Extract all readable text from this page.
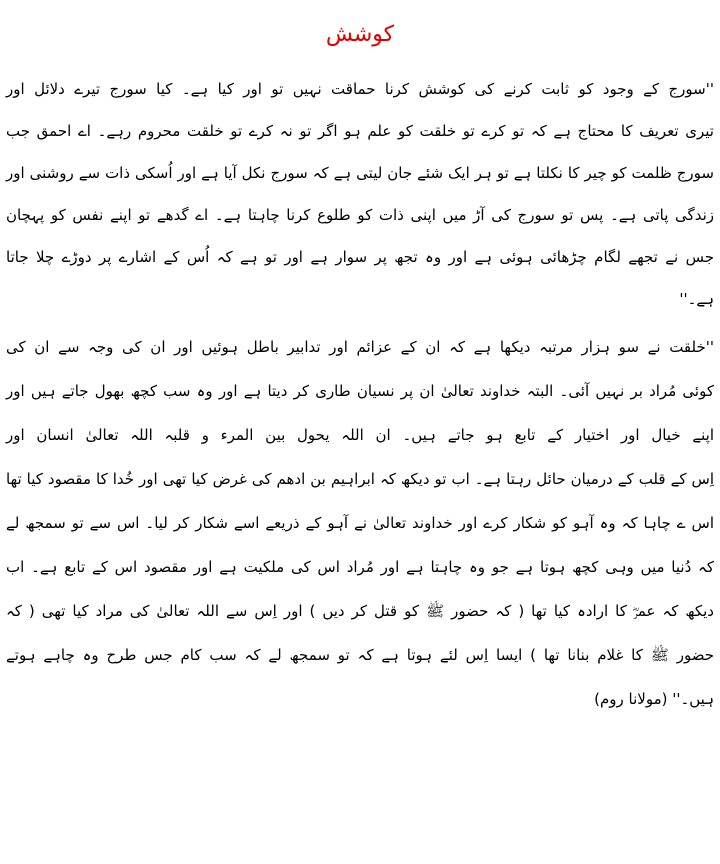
کوشش
''سورج کے وجود کو ثابت کرنے کی کوشش کرنا حماقت نہیں تو اور کیا ہے۔ کیا سورج تیرے دلائل اور
تیری تعریف کا محتاج ہے کہ تو کرے تو خلقت کو علم ہو اگر تو نہ کرے تو خلقت محروم رہے۔ اے احمق جب
سورج ظلمت کو چیر کا نکلتا ہے تو ہر ایک شئے جان لیتی ہے کہ سورج نکل آیا ہے اور اُسکی ذات سے روشنی اور
زندگی پاتی ہے۔ پس تو سورج کی آڑ میں اپنی ذات کو طلوع کرنا چاہتا ہے۔ اے گدھے تو اپنے نفس کو پہچان
جس نے تجھے لگام چڑھائی ہوئی ہے اور وہ تجھ پر سوار ہے اور تو ہے کہ اُس کے اشارے پر دوڑے چلا جاتا
ہے۔''
''خلقت نے سو ہزار مرتبہ دیکھا ہے کہ ان کے عزائم اور تدابیر باطل ہوئیں اور ان کی وجہ سے ان کی
کوئی مُراد بر نہیں آئی۔ البتہ خداوند تعالیٰ ان پر نسیان طاری کر دیتا ہے اور وہ سب کچھ بھول جاتے ہیں اور
اپنے خیال اور اختیار کے تابع ہو جاتے ہیں۔ ان اللہ یحول بین المرء و قلبہ اللہ تعالیٰ انسان اور
اِس کے قلب کے درمیان حائل رہتا ہے۔ اب تو دیکھ کہ ابراہیم بن ادھم کی غرض کیا تھی اور خُدا کا مقصود کیا تھا
اس ے چاہا کہ وہ آہو کو شکار کرے اور خداوند تعالیٰ نے آہو کے ذریعے اسے شکار کر لیا۔ اس سے تو سمجھ لے
کہ دُنیا میں وہی کچھ ہوتا ہے جو وہ چاہتا ہے اور مُراد اس کی ملکیت ہے اور مقصود اس کے تابع ہے۔ اب
دیکھ کہ عمرؓ کا ارادہ کیا تھا ( کہ حضور ﷺ کو قتل کر دیں ) اور اِس سے اللہ تعالیٰ کی مراد کیا تھی ( کہ
حضور ﷺ کا غلام بنانا تھا ) ایسا اِس لئے ہوتا ہے کہ تو سمجھ لے کہ سب کام جس طرح وہ چاہے ہوتے
ہیں۔'' (مولانا روم)
